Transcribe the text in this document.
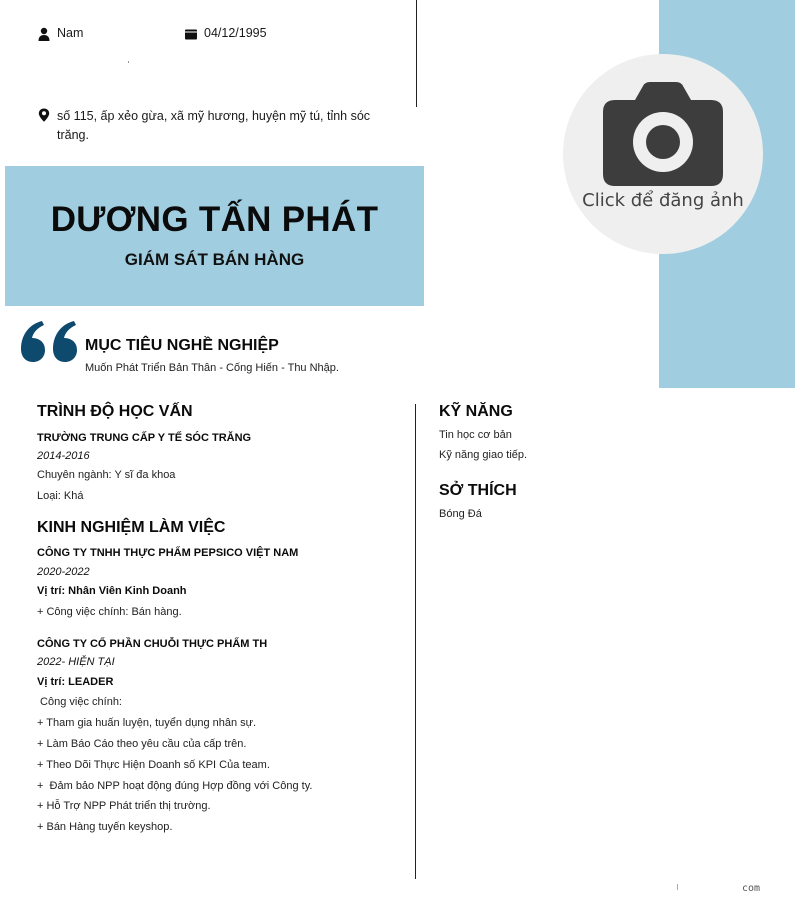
Nam	04/12/1995
số 115, ấp xẻo gừa, xã mỹ hương, huyện mỹ tú, tỉnh sóc trăng.
Click để đăng ảnh
DƯƠNG TẤN PHÁT
GIÁM SÁT BÁN HÀNG
MỤC TIÊU NGHỀ NGHIỆP
Muốn Phát Triển Bản Thân - Cống Hiến - Thu Nhập.
TRÌNH ĐỘ HỌC VẤN
TRƯỜNG TRUNG CẤP Y TẾ SÓC TRĂNG
2014-2016
Chuyên ngành: Y sĩ đa khoa
Loại: Khá
KINH NGHIỆM LÀM VIỆC
CÔNG TY TNHH THỰC PHẨM PEPSICO VIỆT NAM
2020-2022
Vị trí: Nhân Viên Kinh Doanh
+ Công việc chính: Bán hàng.
CÔNG TY CỔ PHẦN CHUỖI THỰC PHẨM TH
2022- HIỆN TẠI
Vị trí: LEADER
Công việc chính:
+ Tham gia huấn luyện, tuyển dụng nhân sự.
+ Làm Báo Cáo theo yêu cầu của cấp trên.
+ Theo Dõi Thực Hiện Doanh số KPI Của team.
+  Đảm bảo NPP hoạt động đúng Hợp đồng với Công ty.
+ Hỗ Trợ NPP Phát triển thị trường.
+ Bán Hàng tuyến keyshop.
KỸ NĂNG
Tin học cơ bản
Kỹ năng giao tiếp.
SỞ THÍCH
Bóng Đá
com
